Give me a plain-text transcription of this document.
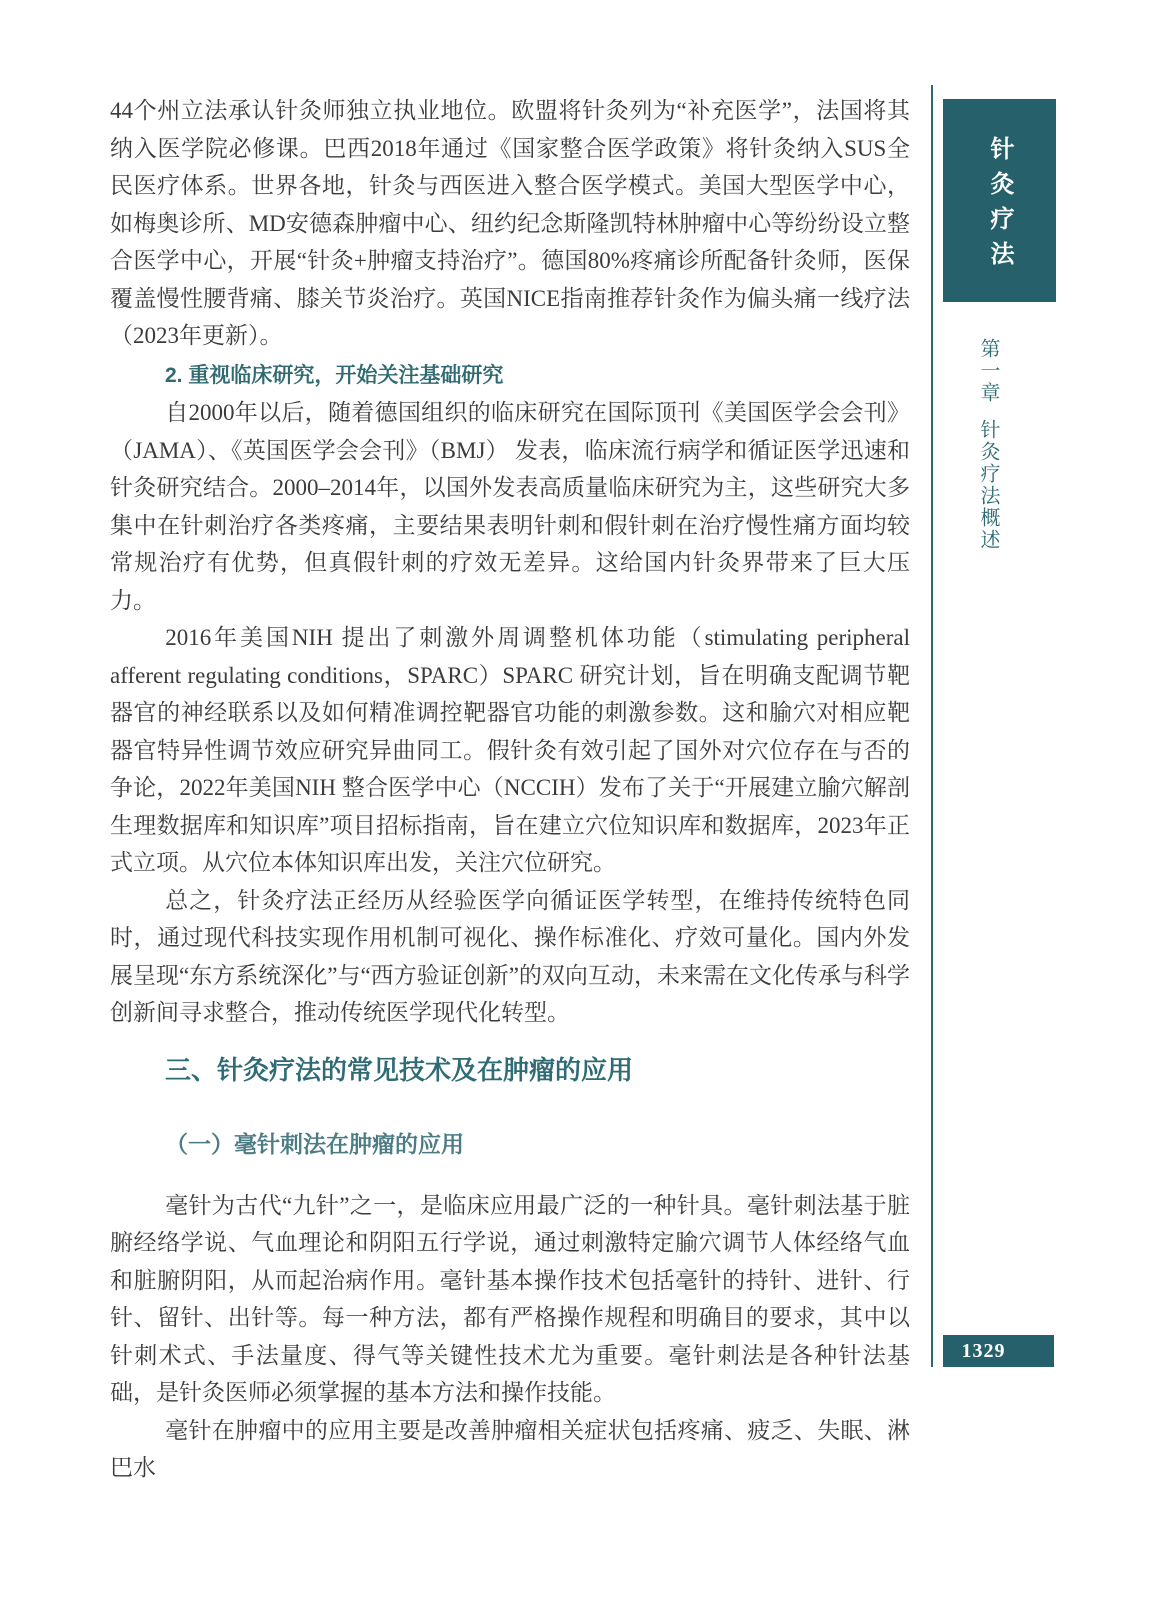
44个州立法承认针灸师独立执业地位。欧盟将针灸列为“补充医学”，法国将其纳入医学院必修课。巴西2018年通过《国家整合医学政策》将针灸纳入SUS全民医疗体系。世界各地，针灸与西医进入整合医学模式。美国大型医学中心，如梅奥诊所、MD安德森肿瘤中心、纽约纪念斯隆凯特林肿瘤中心等纷纷设立整合医学中心，开展“针灸+肿瘤支持治疗”。德国80%疼痛诊所配备针灸师，医保覆盖慢性腰背痛、膝关节炎治疗。英国NICE指南推荐针灸作为偏头痛一线疗法（2023年更新）。

2. 重视临床研究，开始关注基础研究

自2000年以后，随着德国组织的临床研究在国际顶刊《美国医学会会刊》（JAMA）、《英国医学会会刊》（BMJ） 发表，临床流行病学和循证医学迅速和针灸研究结合。2000–2014年，以国外发表高质量临床研究为主，这些研究大多集中在针刺治疗各类疼痛，主要结果表明针刺和假针刺在治疗慢性痛方面均较常规治疗有优势，但真假针刺的疗效无差异。这给国内针灸界带来了巨大压力。

2016年美国NIH 提出了刺激外周调整机体功能（stimulating peripheral afferent regulating conditions，SPARC）SPARC 研究计划，旨在明确支配调节靶器官的神经联系以及如何精准调控靶器官功能的刺激参数。这和腧穴对相应靶器官特异性调节效应研究异曲同工。假针灸有效引起了国外对穴位存在与否的争论，2022年美国NIH 整合医学中心（NCCIH）发布了关于“开展建立腧穴解剖生理数据库和知识库”项目招标指南，旨在建立穴位知识库和数据库，2023年正式立项。从穴位本体知识库出发，关注穴位研究。

总之，针灸疗法正经历从经验医学向循证医学转型，在维持传统特色同时，通过现代科技实现作用机制可视化、操作标准化、疗效可量化。国内外发展呈现“东方系统深化”与“西方验证创新”的双向互动，未来需在文化传承与科学创新间寻求整合，推动传统医学现代化转型。

三、针灸疗法的常见技术及在肿瘤的应用
（一）毫针刺法在肿瘤的应用

毫针为古代“九针”之一，是临床应用最广泛的一种针具。毫针刺法基于脏腑经络学说、气血理论和阴阳五行学说，通过刺激特定腧穴调节人体经络气血和脏腑阴阳，从而起治病作用。毫针基本操作技术包括毫针的持针、进针、行针、留针、出针等。每一种方法，都有严格操作规程和明确目的要求，其中以针刺术式、手法量度、得气等关键性技术尤为重要。毫针刺法是各种针法基础，是针灸医师必须掌握的基本方法和操作技能。

毫针在肿瘤中的应用主要是改善肿瘤相关症状包括疼痛、疲乏、失眠、淋巴水

针灸疗法
第一章
针灸疗法概述
1329
